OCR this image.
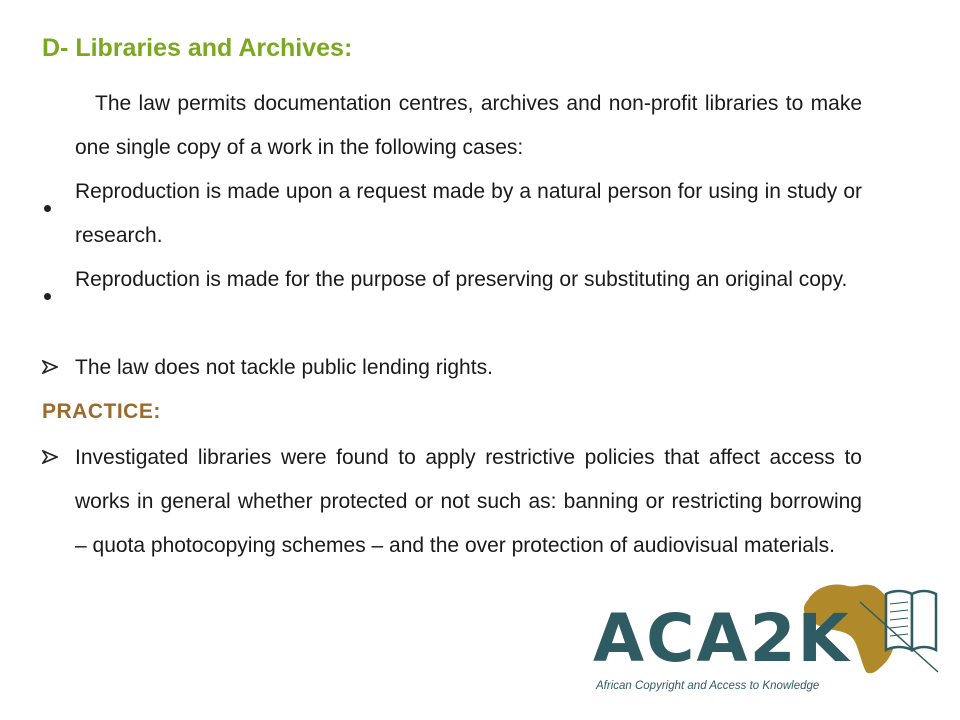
D- Libraries and Archives:

The law permits documentation centres, archives and non-profit libraries to make one single copy of a work in the following cases:

Reproduction is made upon a request made by a natural person for using in study or research.
Reproduction is made for the purpose of preserving or substituting an original copy.
The law does not tackle public lending rights.
PRACTICE:
Investigated libraries were found to apply restrictive policies that affect access to works in general whether protected or not such as: banning or restricting borrowing – quota photocopying schemes – and the over protection of audiovisual materials.
ACA2K
African Copyright and Access to Knowledge
